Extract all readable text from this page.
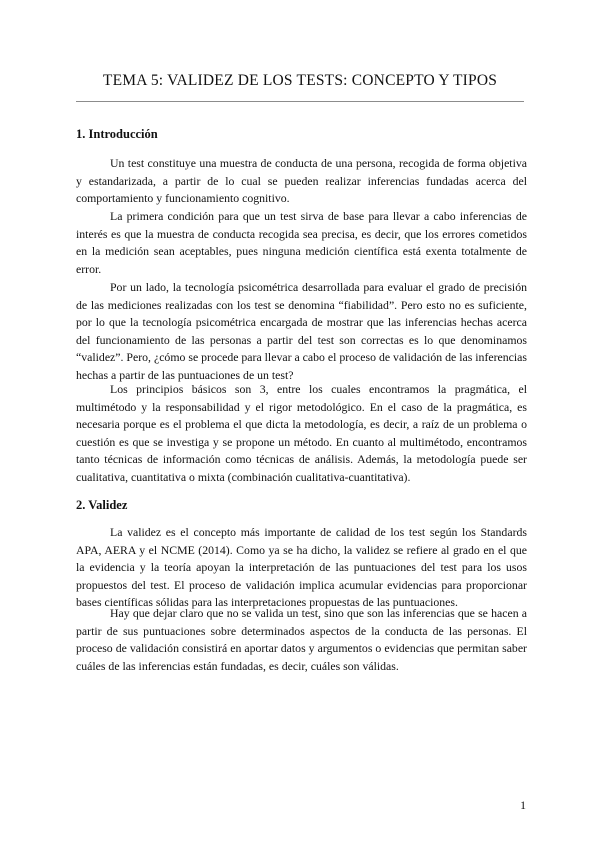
TEMA 5: VALIDEZ DE LOS TESTS: CONCEPTO Y TIPOS
1. Introducción

Un test constituye una muestra de conducta de una persona, recogida de forma objetiva y estandarizada, a partir de lo cual se pueden realizar inferencias fundadas acerca del comportamiento y funcionamiento cognitivo.

La primera condición para que un test sirva de base para llevar a cabo inferencias de interés es que la muestra de conducta recogida sea precisa, es decir, que los errores cometidos en la medición sean aceptables, pues ninguna medición científica está exenta totalmente de error.

Por un lado, la tecnología psicométrica desarrollada para evaluar el grado de precisión de las mediciones realizadas con los test se denomina “fiabilidad”. Pero esto no es suficiente, por lo que la tecnología psicométrica encargada de mostrar que las inferencias hechas acerca del funcionamiento de las personas a partir del test son correctas es lo que denominamos “validez”. Pero, ¿cómo se procede para llevar a cabo el proceso de validación de las inferencias hechas a partir de las puntuaciones de un test?

Los principios básicos son 3, entre los cuales encontramos la pragmática, el multimétodo y la responsabilidad y el rigor metodológico. En el caso de la pragmática, es necesaria porque es el problema el que dicta la metodología, es decir, a raíz de un problema o cuestión es que se investiga y se propone un método. En cuanto al multimétodo, encontramos tanto técnicas de información como técnicas de análisis. Además, la metodología puede ser cualitativa, cuantitativa o mixta (combinación cualitativa-cuantitativa).

2. Validez

La validez es el concepto más importante de calidad de los test según los Standards APA, AERA y el NCME (2014). Como ya se ha dicho, la validez se refiere al grado en el que la evidencia y la teoría apoyan la interpretación de las puntuaciones del test para los usos propuestos del test. El proceso de validación implica acumular evidencias para proporcionar bases científicas sólidas para las interpretaciones propuestas de las puntuaciones.

Hay que dejar claro que no se valida un test, sino que son las inferencias que se hacen a partir de sus puntuaciones sobre determinados aspectos de la conducta de las personas. El proceso de validación consistirá en aportar datos y argumentos o evidencias que permitan saber cuáles de las inferencias están fundadas, es decir, cuáles son válidas.

1
